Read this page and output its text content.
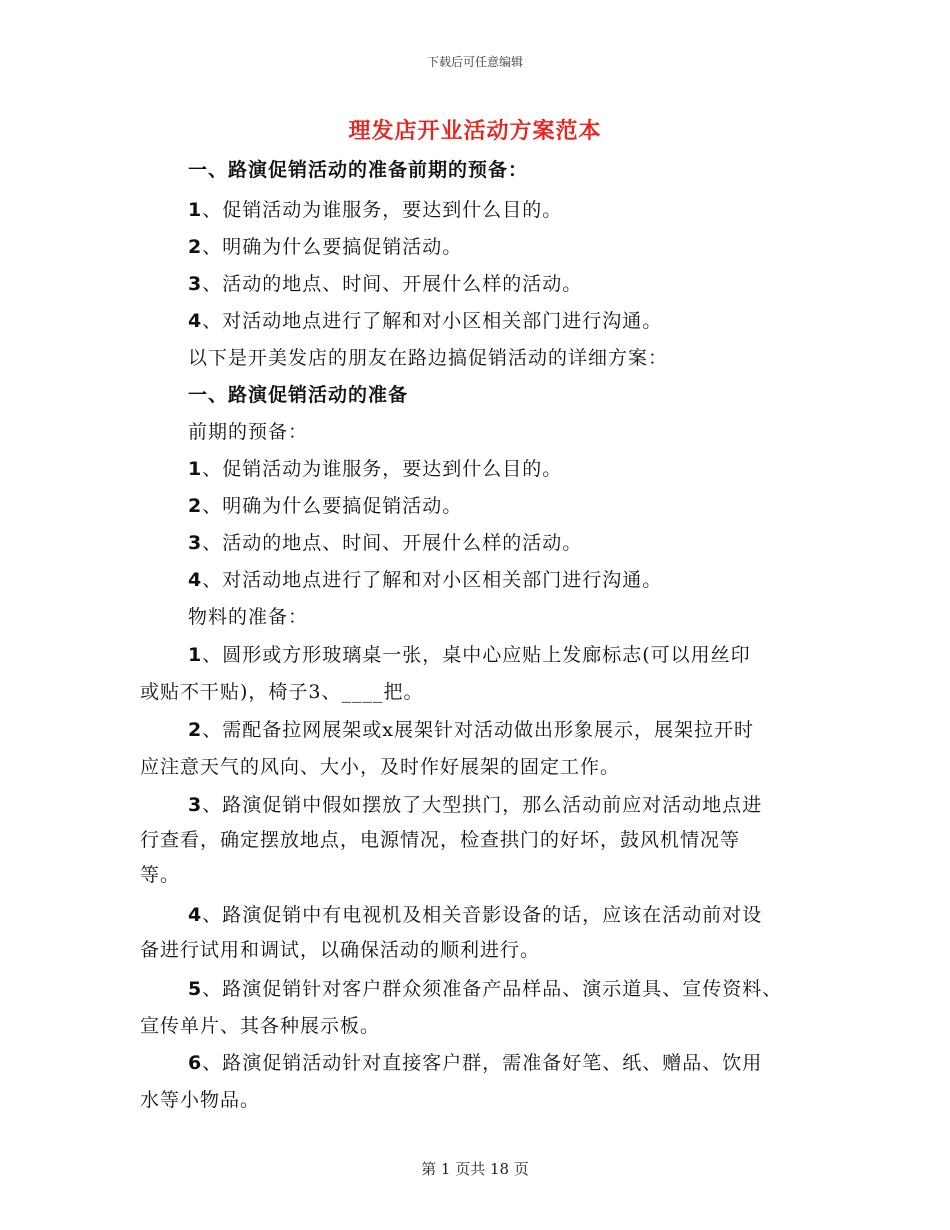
下载后可任意编辑
理发店开业活动方案范本
一、路演促销活动的准备前期的预备：
1、促销活动为谁服务，要达到什么目的。
2、明确为什么要搞促销活动。
3、活动的地点、时间、开展什么样的活动。
4、对活动地点进行了解和对小区相关部门进行沟通。
以下是开美发店的朋友在路边搞促销活动的详细方案：
一、路演促销活动的准备
前期的预备：
1、促销活动为谁服务，要达到什么目的。
2、明确为什么要搞促销活动。
3、活动的地点、时间、开展什么样的活动。
4、对活动地点进行了解和对小区相关部门进行沟通。
物料的准备：
1、圆形或方形玻璃桌一张，桌中心应贴上发廊标志(可以用丝印
或贴不干贴)，椅子3、____把。
2、需配备拉网展架或x展架针对活动做出形象展示，展架拉开时
应注意天气的风向、大小，及时作好展架的固定工作。
3、路演促销中假如摆放了大型拱门，那么活动前应对活动地点进
行查看，确定摆放地点，电源情况，检查拱门的好坏，鼓风机情况等
等。
4、路演促销中有电视机及相关音影设备的话，应该在活动前对设
备进行试用和调试，以确保活动的顺利进行。
5、路演促销针对客户群众须准备产品样品、演示道具、宣传资料、
宣传单片、其各种展示板。
6、路演促销活动针对直接客户群，需准备好笔、纸、赠品、饮用
水等小物品。
第 1 页共 18 页
